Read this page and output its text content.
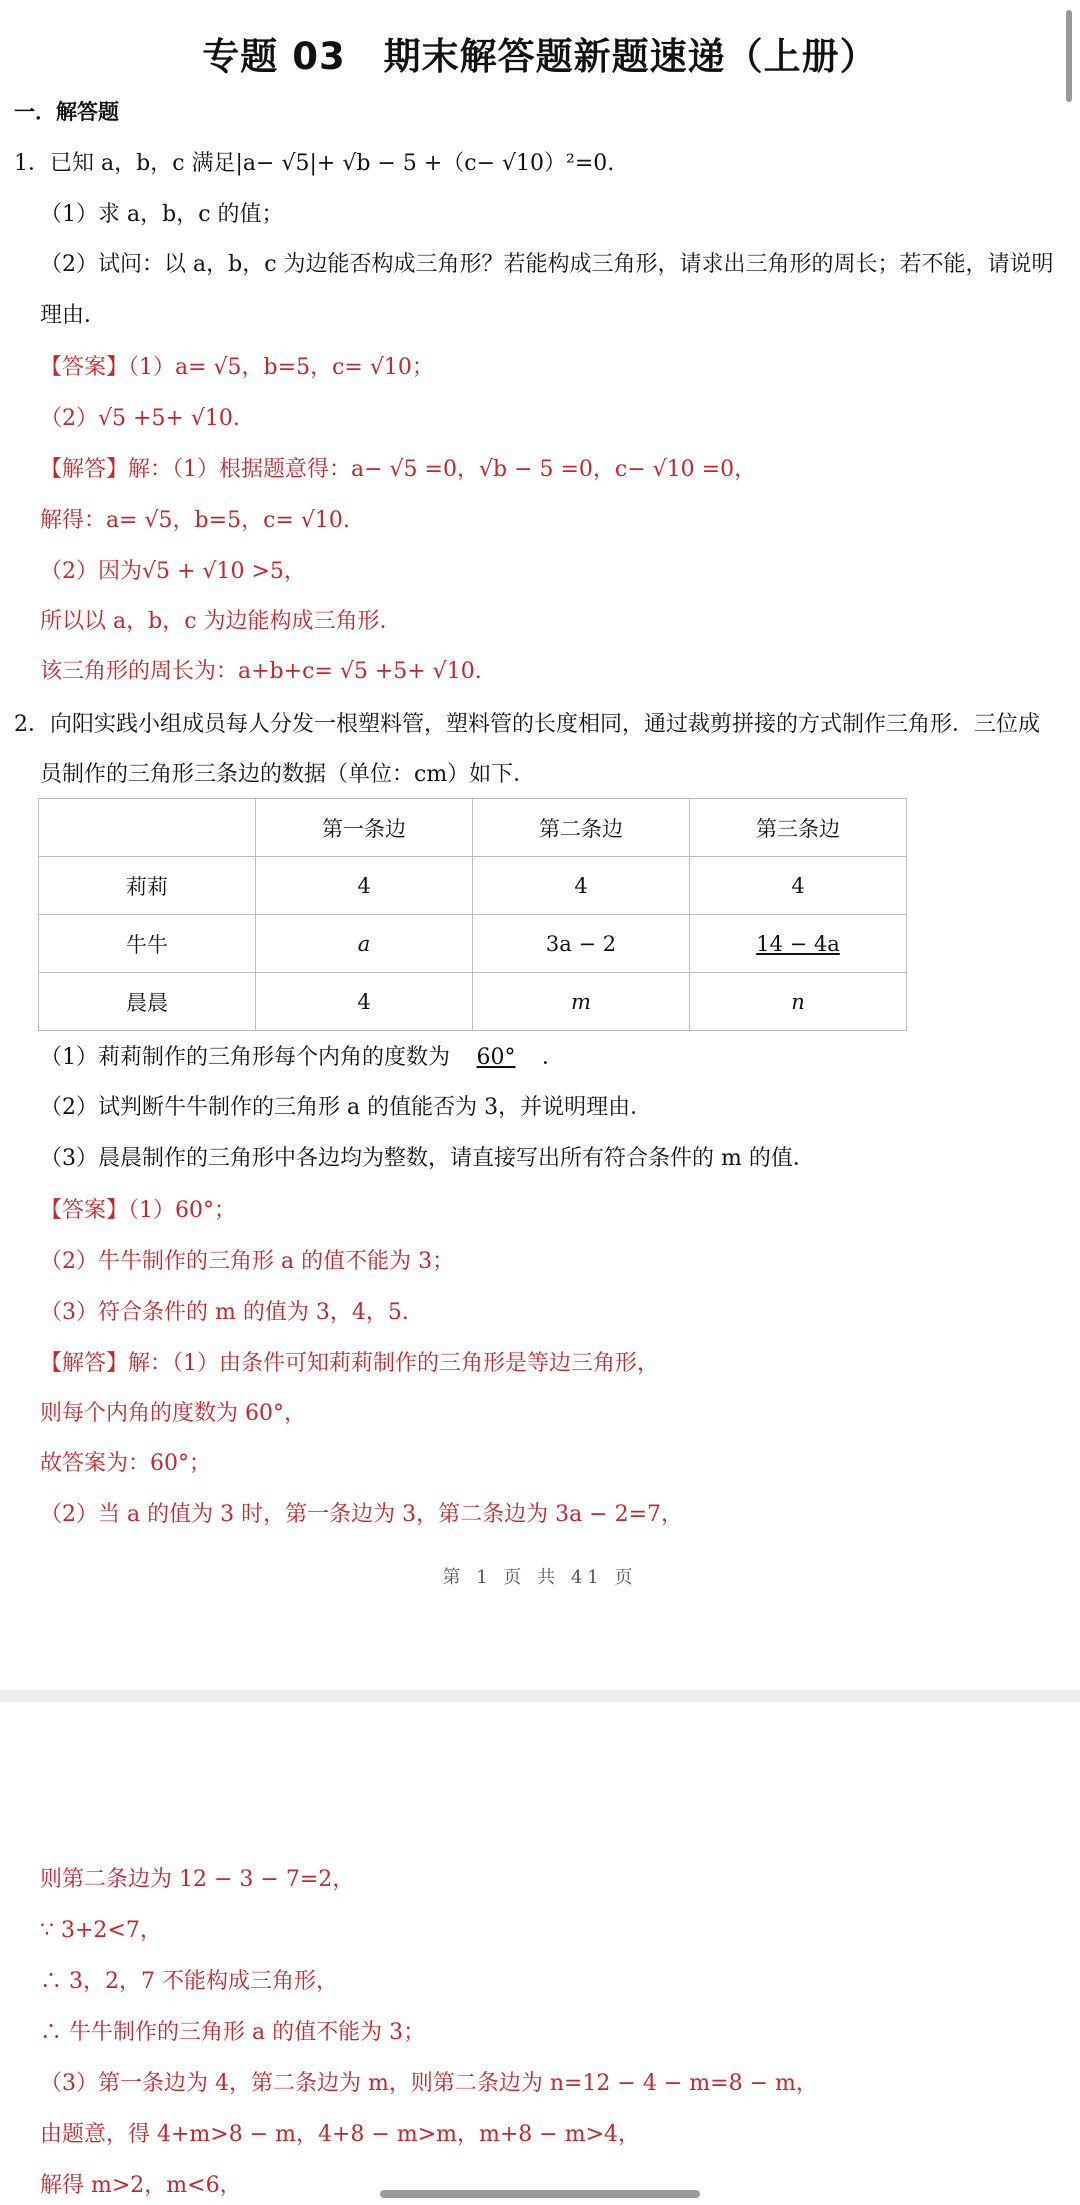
专题 03　期末解答题新题速递（上册）
一．解答题
1．已知 a，b，c 满足|a− √5|+ √b − 5 +（c− √10）²=0.
（1）求 a，b，c 的值；
（2）试问：以 a，b，c 为边能否构成三角形？若能构成三角形，请求出三角形的周长；若不能，请说明
理由．
【答案】（1）a= √5，b=5，c= √10；
（2）√5 +5+ √10.
【解答】解：（1）根据题意得：a− √5 =0，√b − 5 =0，c− √10 =0，
解得：a= √5，b=5，c= √10.
（2）因为√5 + √10 >5，
所以以 a，b，c 为边能构成三角形．
该三角形的周长为：a+b+c= √5 +5+ √10.
2．向阳实践小组成员每人分发一根塑料管，塑料管的长度相同，通过裁剪拼接的方式制作三角形．三位成
员制作的三角形三条边的数据（单位：cm）如下．
	第一条边	第二条边	第三条边
莉莉	4	4	4
牛牛	a	3a − 2	14 − 4a
晨晨	4	m	n
（1）莉莉制作的三角形每个内角的度数为 60° ．
（2）试判断牛牛制作的三角形 a 的值能否为 3，并说明理由．
（3）晨晨制作的三角形中各边均为整数，请直接写出所有符合条件的 m 的值．
【答案】（1）60°；
（2）牛牛制作的三角形 a 的值不能为 3；
（3）符合条件的 m 的值为 3，4，5.
【解答】解：（1）由条件可知莉莉制作的三角形是等边三角形，
则每个内角的度数为 60°，
故答案为：60°；
（2）当 a 的值为 3 时，第一条边为 3，第二条边为 3a − 2=7，
第 1 页 共 41 页
则第二条边为 12 − 3 − 7=2，
∵ 3+2<7，
∴ 3，2，7 不能构成三角形，
∴ 牛牛制作的三角形 a 的值不能为 3；
（3）第一条边为 4，第二条边为 m，则第二条边为 n=12 − 4 − m=8 − m，
由题意，得 4+m>8 − m，4+8 − m>m，m+8 − m>4，
解得 m>2，m<6，
